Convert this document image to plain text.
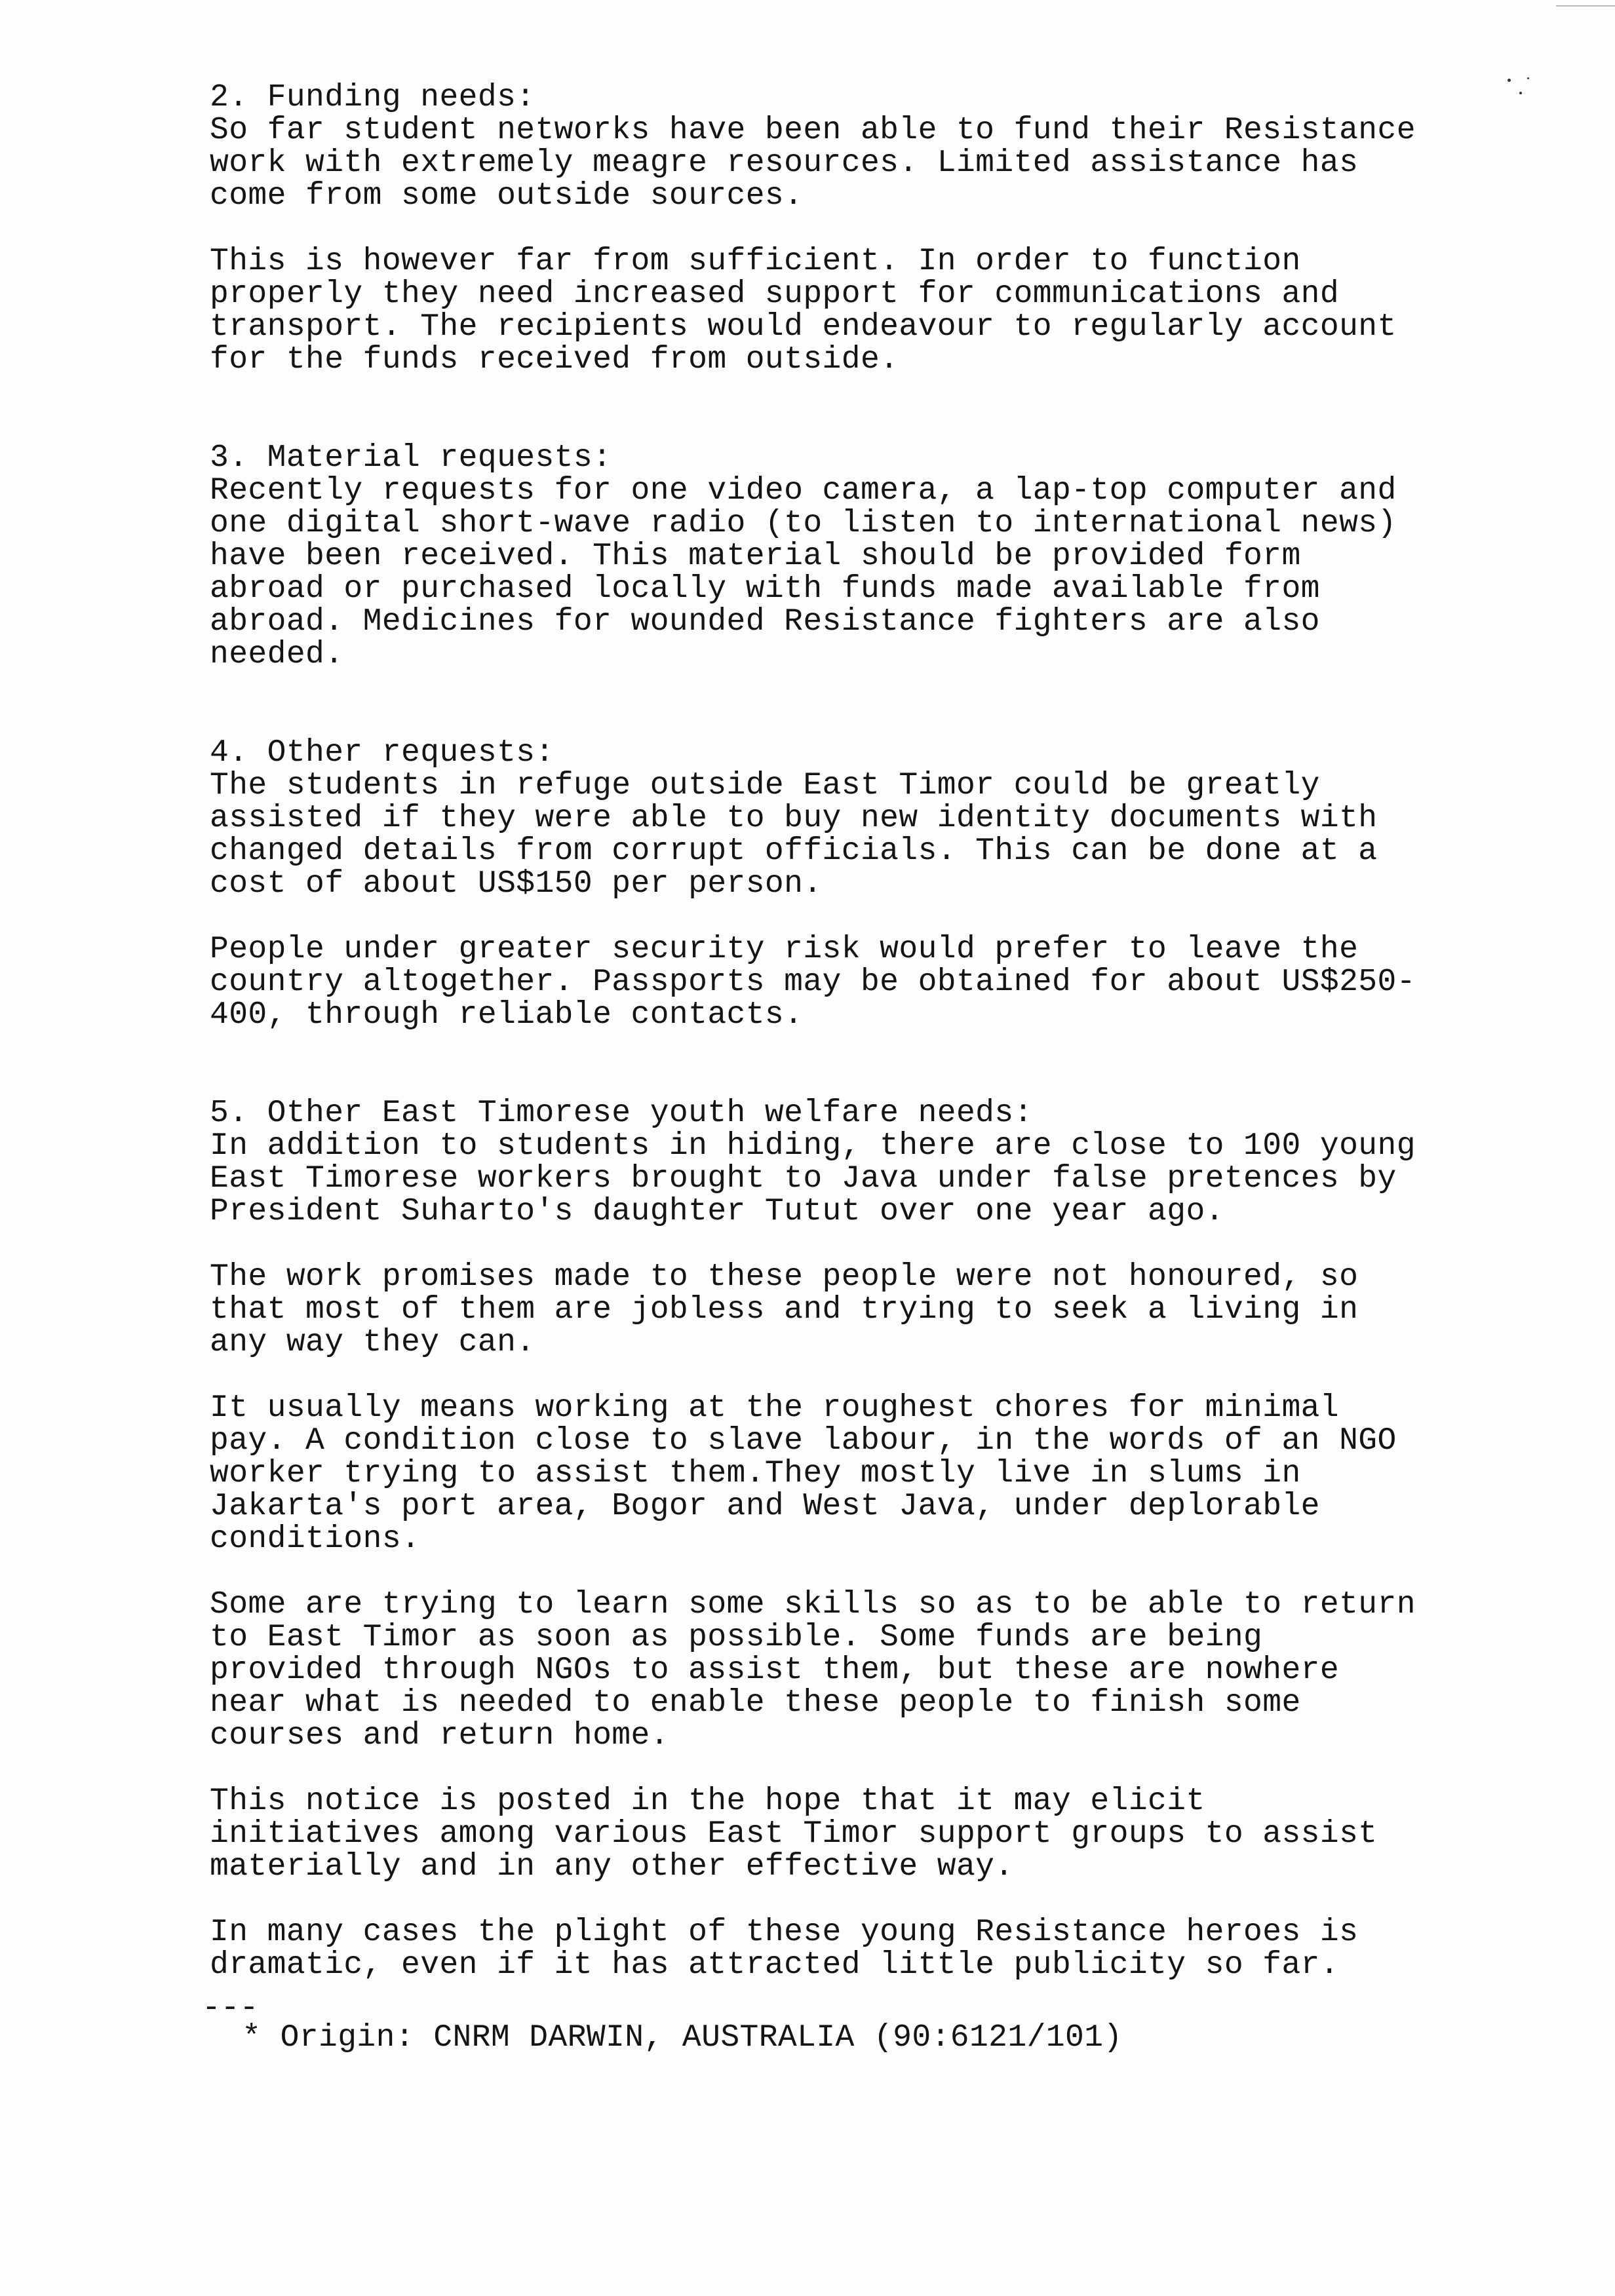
2. Funding needs:
So far student networks have been able to fund their Resistance
work with extremely meagre resources. Limited assistance has
come from some outside sources.
This is however far from sufficient. In order to function
properly they need increased support for communications and
transport. The recipients would endeavour to regularly account
for the funds received from outside.
3. Material requests:
Recently requests for one video camera, a lap-top computer and
one digital short-wave radio (to listen to international news)
have been received. This material should be provided form
abroad or purchased locally with funds made available from
abroad. Medicines for wounded Resistance fighters are also
needed.
4. Other requests:
The students in refuge outside East Timor could be greatly
assisted if they were able to buy new identity documents with
changed details from corrupt officials. This can be done at a
cost of about US$150 per person.
People under greater security risk would prefer to leave the
country altogether. Passports may be obtained for about US$250-
400, through reliable contacts.
5. Other East Timorese youth welfare needs:
In addition to students in hiding, there are close to 100 young
East Timorese workers brought to Java under false pretences by
President Suharto's daughter Tutut over one year ago.
The work promises made to these people were not honoured, so
that most of them are jobless and trying to seek a living in
any way they can.
It usually means working at the roughest chores for minimal
pay. A condition close to slave labour, in the words of an NGO
worker trying to assist them.They mostly live in slums in
Jakarta's port area, Bogor and West Java, under deplorable
conditions.
Some are trying to learn some skills so as to be able to return
to East Timor as soon as possible. Some funds are being
provided through NGOs to assist them, but these are nowhere
near what is needed to enable these people to finish some
courses and return home.
This notice is posted in the hope that it may elicit
initiatives among various East Timor support groups to assist
materially and in any other effective way.
In many cases the plight of these young Resistance heroes is
dramatic, even if it has attracted little publicity so far.
---
* Origin: CNRM DARWIN, AUSTRALIA (90:6121/101)
